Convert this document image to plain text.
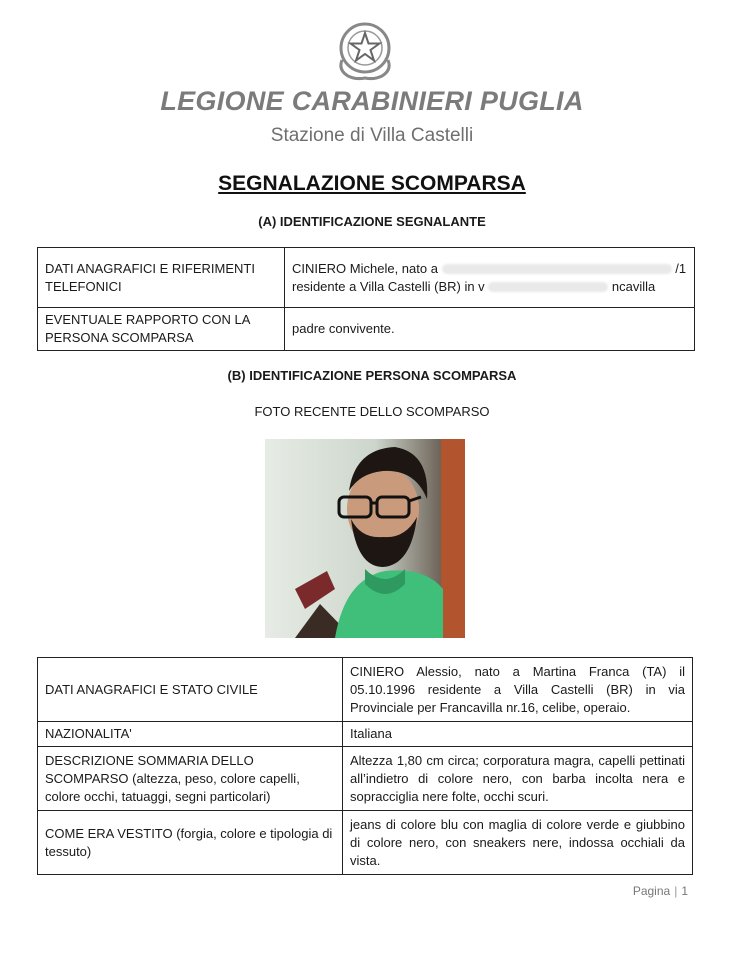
LEGIONE CARABINIERI PUGLIA
Stazione di Villa Castelli
SEGNALAZIONE SCOMPARSA
(A) IDENTIFICAZIONE SEGNALANTE
DATI ANAGRAFICI E RIFERIMENTI TELEFONICI	CINIERO Michele, nato a /1
residente a Villa Castelli (BR) in v ncavilla

EVENTUALE RAPPORTO CON LA PERSONA SCOMPARSA	padre convivente.
(B) IDENTIFICAZIONE PERSONA SCOMPARSA
FOTO RECENTE DELLO SCOMPARSO
DATI ANAGRAFICI E STATO CIVILE	CINIERO Alessio, nato a Martina Franca (TA) il 05.10.1996 residente a Villa Castelli (BR) in via Provinciale per Francavilla nr.16, celibe, operaio.
NAZIONALITA'	Italiana
DESCRIZIONE SOMMARIA DELLO SCOMPARSO (altezza, peso, colore capelli, colore occhi, tatuaggi, segni particolari)	Altezza 1,80 cm circa; corporatura magra, capelli pettinati all’indietro di colore nero, con barba incolta nera e sopracciglia nere folte, occhi scuri.
COME ERA VESTITO (forgia, colore e tipologia di tessuto)	jeans di colore blu con maglia di colore verde e giubbino di colore nero, con sneakers nere, indossa occhiali da vista.
Pagina | 1
